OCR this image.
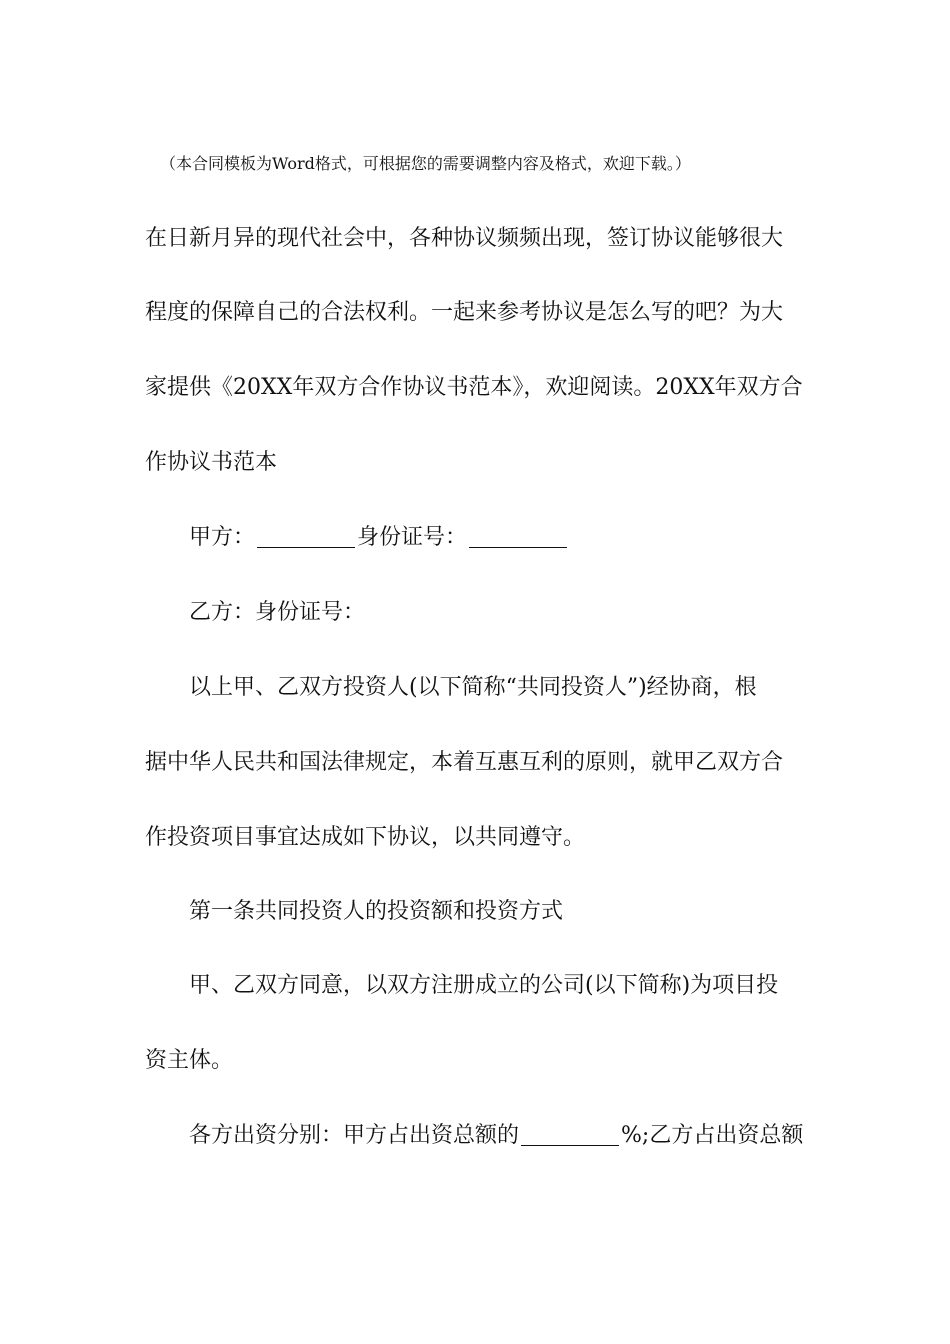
（本合同模板为Word格式，可根据您的需要调整内容及格式，欢迎下载。）
在日新月异的现代社会中，各种协议频频出现，签订协议能够很大
程度的保障自己的合法权利。一起来参考协议是怎么写的吧？为大
家提供《20XX年双方合作协议书范本》，欢迎阅读。20XX年双方合
作协议书范本
甲方：	身份证号：
乙方：身份证号：
以上甲、乙双方投资人(以下简称“共同投资人”)经协商，根
据中华人民共和国法律规定，本着互惠互利的原则，就甲乙双方合
作投资项目事宜达成如下协议，以共同遵守。
第一条共同投资人的投资额和投资方式
甲、乙双方同意，以双方注册成立的公司(以下简称)为项目投
资主体。
各方出资分别：甲方占出资总额的	%;乙方占出资总额
